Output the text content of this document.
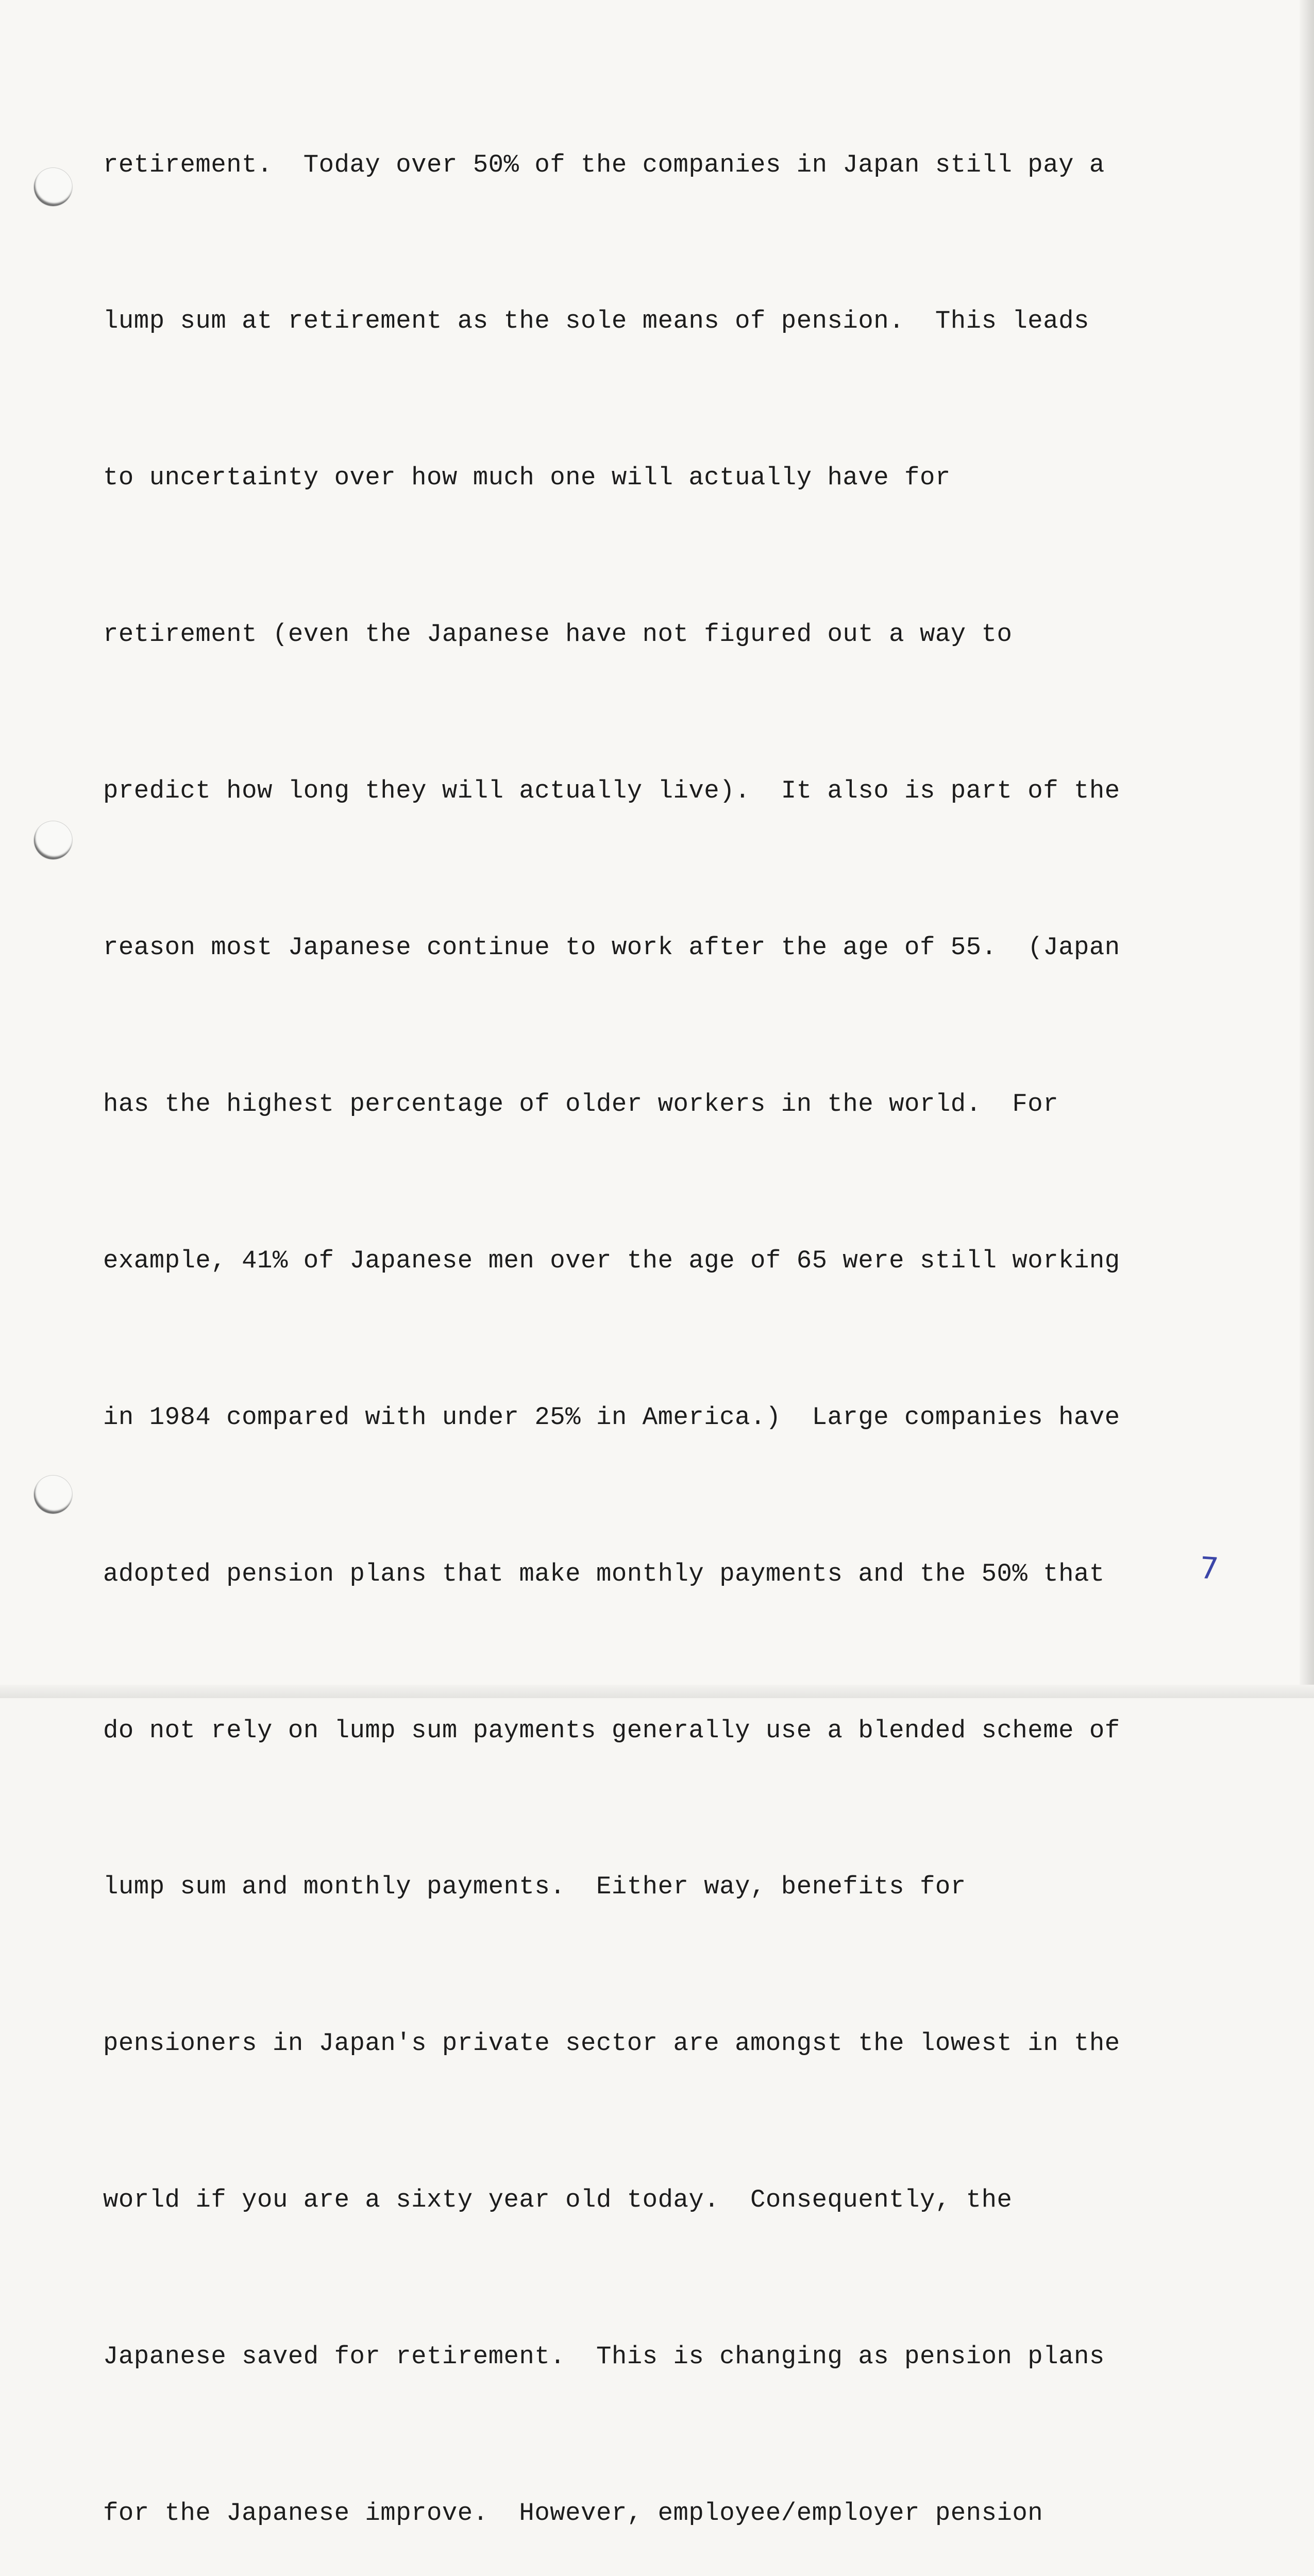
retirement.  Today over 50% of the companies in Japan still pay a

lump sum at retirement as the sole means of pension.  This leads

to uncertainty over how much one will actually have for

retirement (even the Japanese have not figured out a way to

predict how long they will actually live).  It also is part of the

reason most Japanese continue to work after the age of 55.  (Japan

has the highest percentage of older workers in the world.  For

example, 41% of Japanese men over the age of 65 were still working

in 1984 compared with under 25% in America.)  Large companies have

adopted pension plans that make monthly payments and the 50% that

do not rely on lump sum payments generally use a blended scheme of

lump sum and monthly payments.  Either way, benefits for

pensioners in Japan's private sector are amongst the lowest in the

world if you are a sixty year old today.  Consequently, the

Japanese saved for retirement.  This is changing as pension plans

for the Japanese improve.  However, employee/employer pension

7
